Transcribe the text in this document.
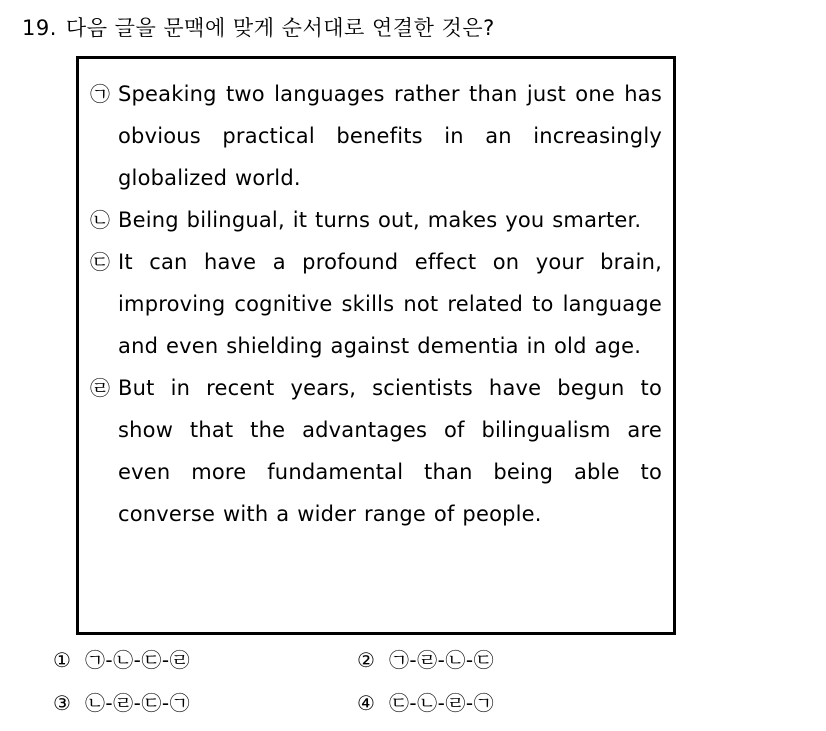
19. 다음 글을 문맥에 맞게 순서대로 연결한 것은?
㉠ Speaking two languages rather than just one has obvious practical benefits in an increasingly globalized world.
㉡ Being bilingual, it turns out, makes you smarter.
㉢ It can have a profound effect on your brain, improving cognitive skills not related to language and even shielding against dementia in old age.
㉣ But in recent years, scientists have begun to show that the advantages of bilingualism are even more fundamental than being able to converse with a wider range of people.
① ㉠-㉡-㉢-㉣	② ㉠-㉣-㉡-㉢
③ ㉡-㉣-㉢-㉠	④ ㉢-㉡-㉣-㉠
